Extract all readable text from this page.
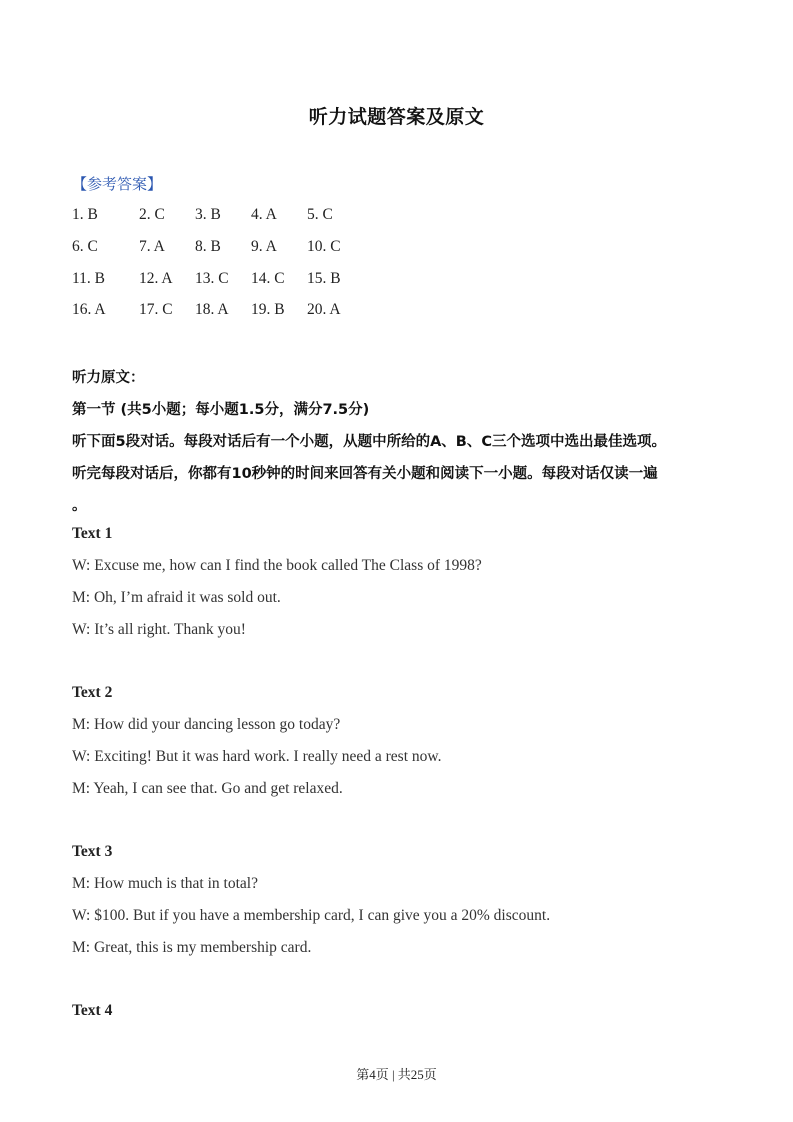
听力试题答案及原文
【参考答案】
1. B	2. C 3. B 4. A 5. C
6. C	7. A 8. B 9. A 10. C
11. B 12. A 13. C 14. C 15. B
16. A 17. C 18. A 19. B 20. A
听力原文：
第一节 (共5小题；每小题1.5分，满分7.5分)
听下面5段对话。每段对话后有一个小题，从题中所给的A、B、C三个选项中选出最佳选项。
听完每段对话后，你都有10秒钟的时间来回答有关小题和阅读下一小题。每段对话仅读一遍
。
Text 1
W: Excuse me, how can I find the book called The Class of 1998?
M: Oh, I’m afraid it was sold out.
W: It’s all right. Thank you!
Text 2
M: How did your dancing lesson go today?
W: Exciting! But it was hard work. I really need a rest now.
M: Yeah, I can see that. Go and get relaxed.
Text 3
M: How much is that in total?
W: $100. But if you have a membership card, I can give you a 20% discount.
M: Great, this is my membership card.
Text 4
第4页 | 共25页
